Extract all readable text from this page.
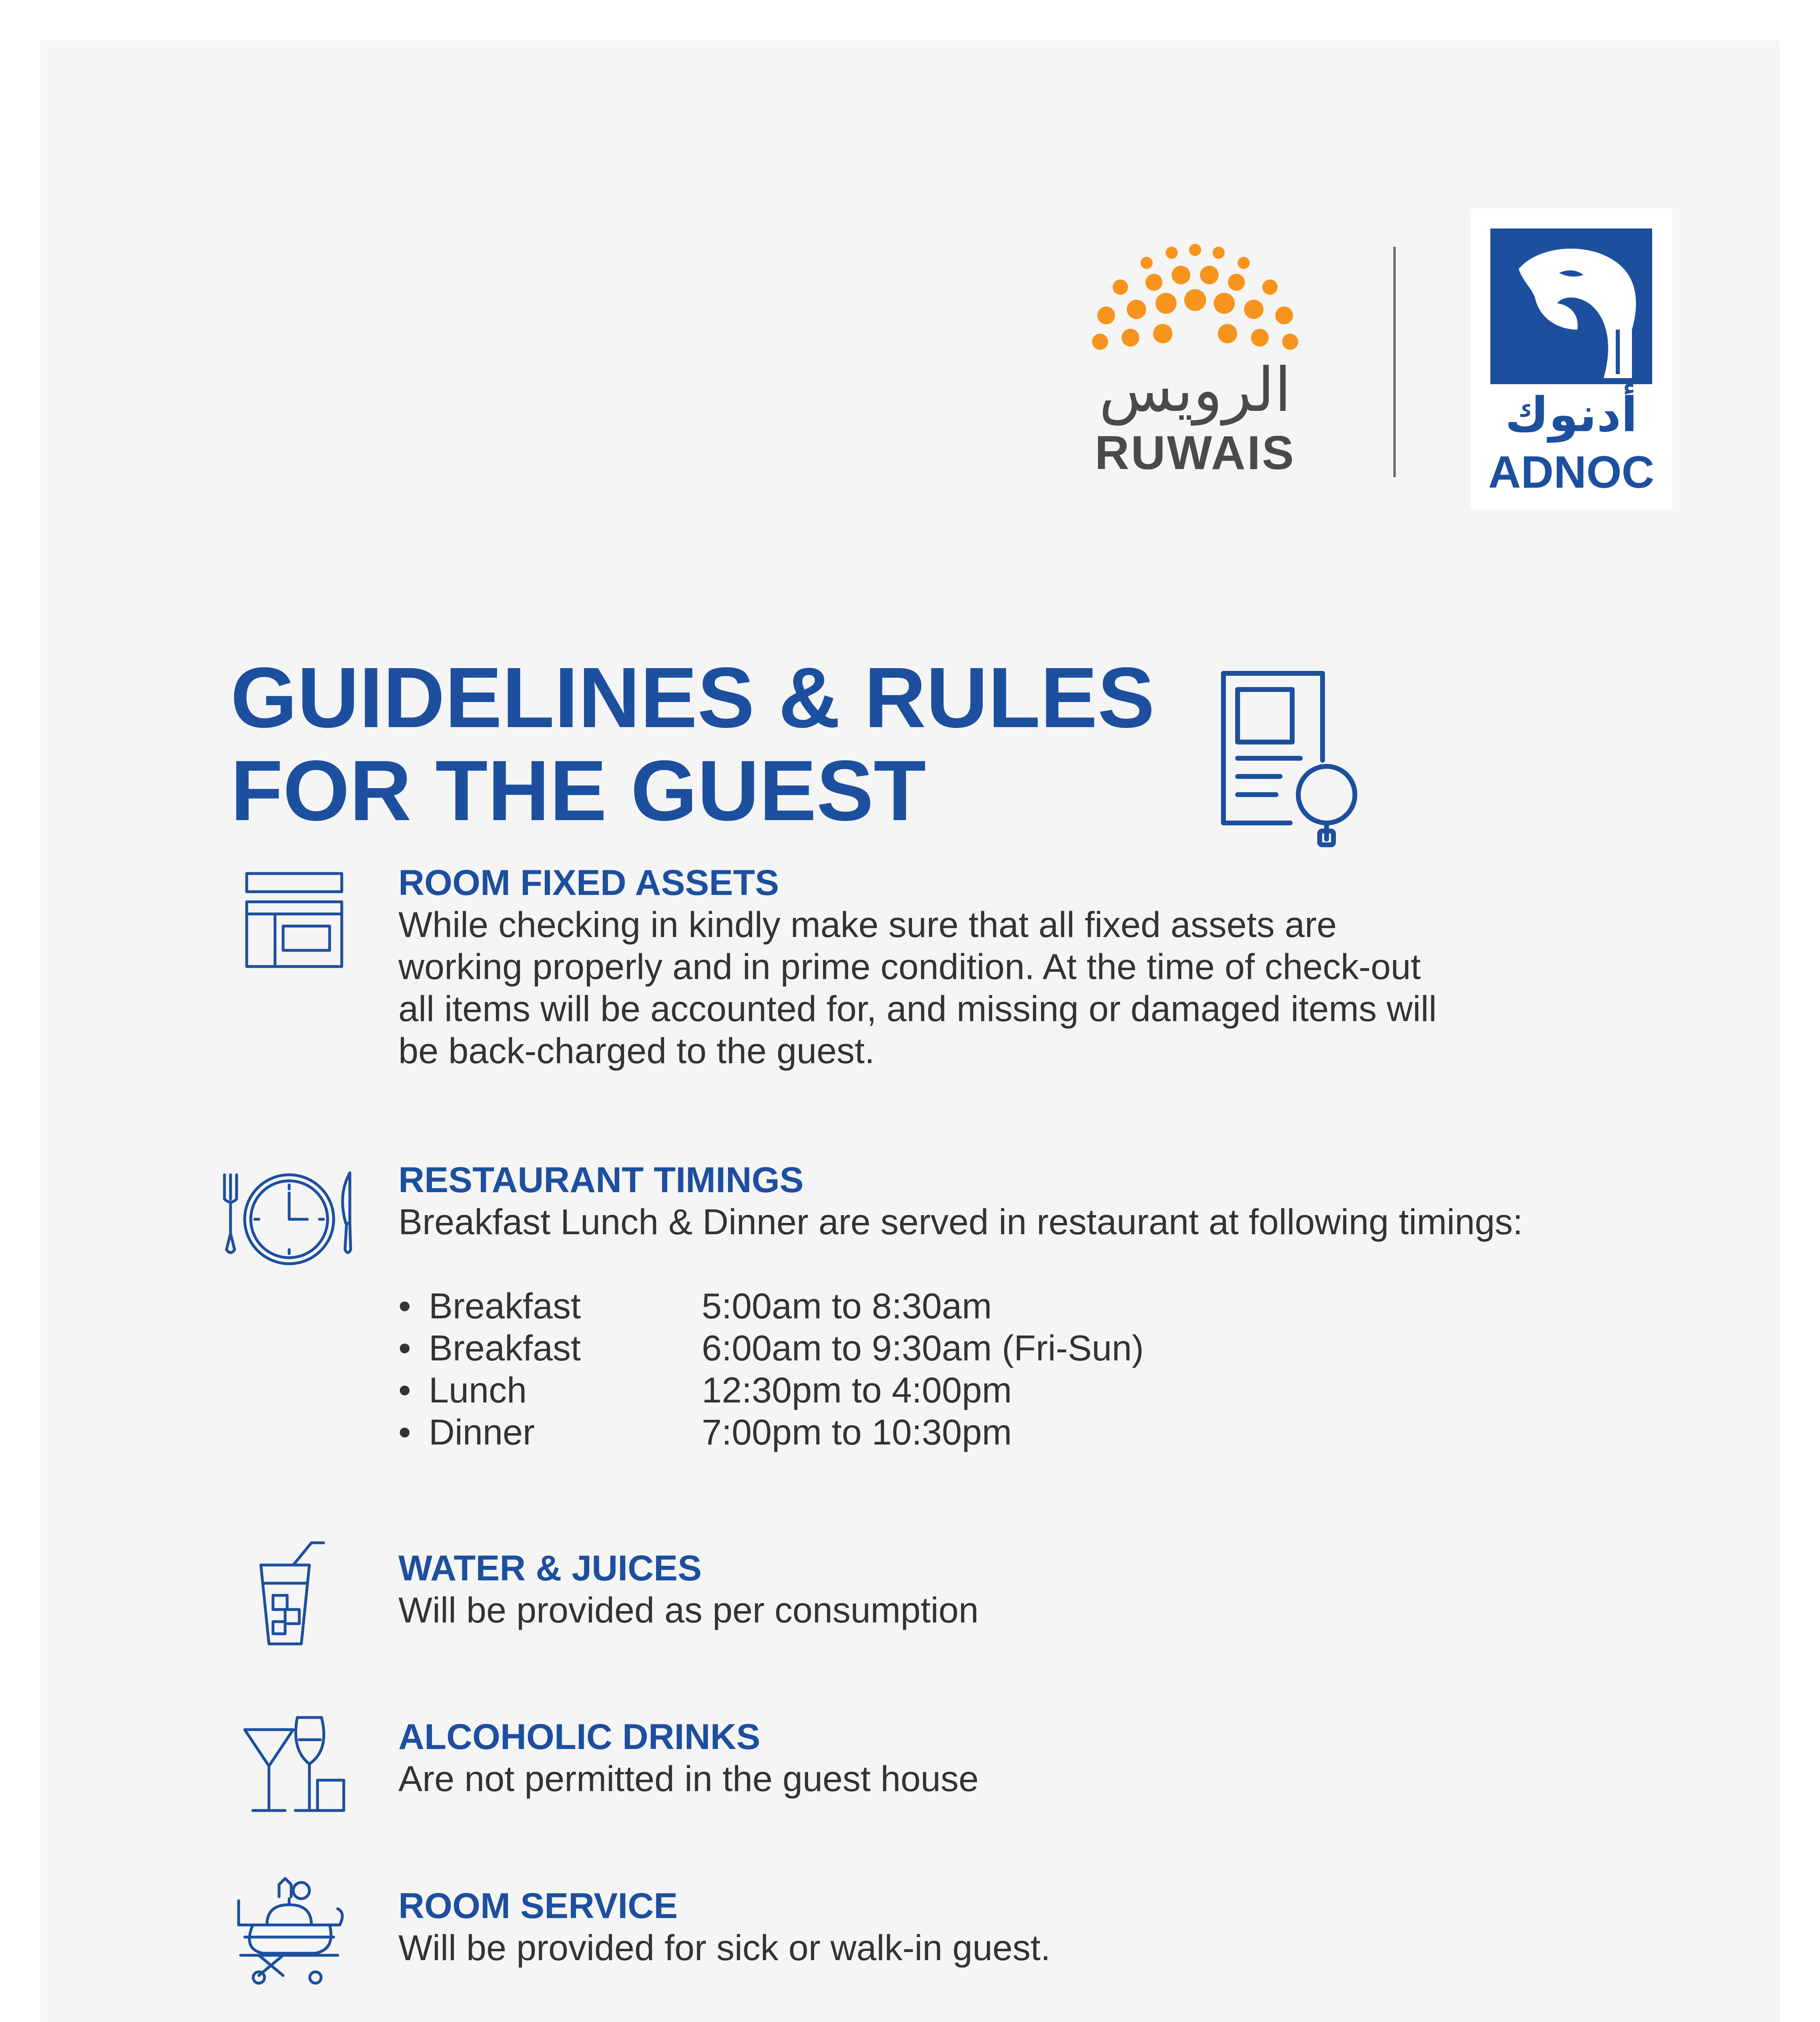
الرويس
RUWAIS
أدنوك
ADNOC
GUIDELINES & RULES
FOR THE GUEST
ROOM FIXED ASSETS

While checking in kindly make sure that all fixed assets are
working properly and in prime condition. At the time of check-out
all items will be accounted for, and missing or damaged items will
be back-charged to the guest.

RESTAURANT TIMINGS

Breakfast Lunch & Dinner are served in restaurant at following timings:

• Breakfast	5:00am to 8:30am
• Breakfast	6:00am to 9:30am (Fri-Sun)
• Lunch	12:30pm to 4:00pm
• Dinner	7:00pm to 10:30pm
WATER & JUICES

Will be provided as per consumption

ALCOHOLIC DRINKS

Are not permitted in the guest house

ROOM SERVICE

Will be provided for sick or walk-in guest.
